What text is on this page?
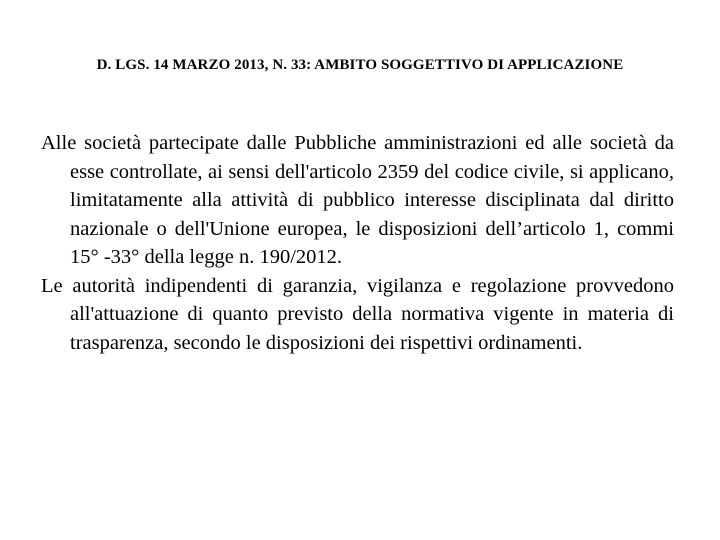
D. LGS. 14 MARZO 2013, N. 33: AMBITO SOGGETTIVO DI APPLICAZIONE

Alle società partecipate dalle Pubbliche amministrazioni ed alle società da esse controllate, ai sensi dell'articolo 2359 del codice civile, si applicano, limitatamente alla attività di pubblico interesse disciplinata dal diritto nazionale o dell'Unione europea, le disposizioni dell’articolo 1, commi 15° -33° della legge n. 190/2012.

Le autorità indipendenti di garanzia, vigilanza e regolazione provvedono all'attuazione di quanto previsto della normativa vigente in materia di trasparenza, secondo le disposizioni dei rispettivi ordinamenti.
